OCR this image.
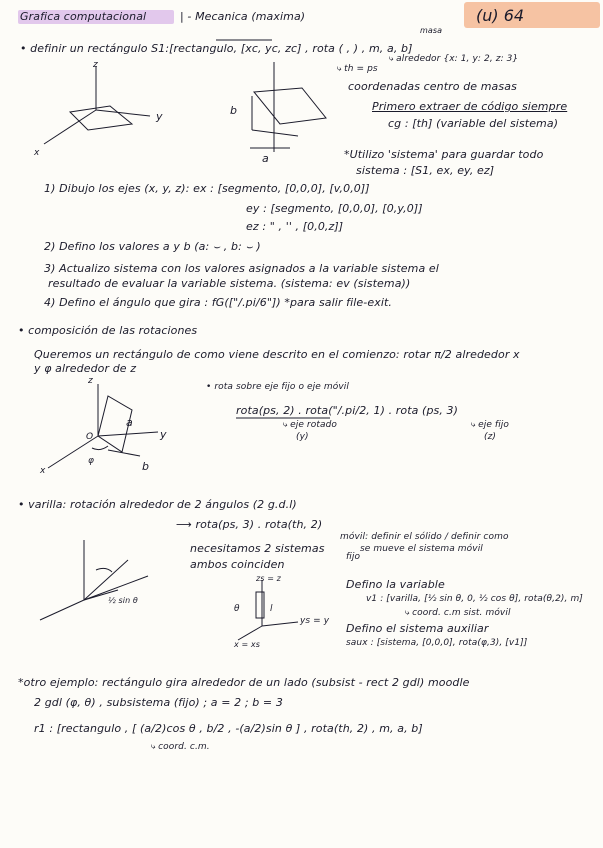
Grafica computacional	| - Mecanica (maxima)	(u) 64
• definir un rectángulo S1:[rectangulo, [xc, yc, zc] , rota ( , ) , m, a, b]
masa
⤷ alrededor {x: 1, y: 2, z: 3}
⤷ th = ps
coordenadas centro de masas
Primero extraer de código siempre
cg : [th] (variable del sistema)
*Utilizo 'sistema' para guardar todo
sistema : [S1, ex, ey, ez]
z
y
x	a
b
1) Dibujo los ejes (x, y, z): ex : [segmento, [0,0,0], [v,0,0]]
ey : [segmento, [0,0,0], [0,y,0]]
ez : " , '' , [0,0,z]]
2) Defino los valores a y b (a: ⌣ , b: ⌣ )
3) Actualizo sistema con los valores asignados a la variable sistema el
resultado de evaluar la variable sistema. (sistema: ev (sistema))
4) Defino el ángulo que gira : fG(["/.pi/6"]) *para salir file-exit.
• composición de las rotaciones
Queremos un rectángulo de como viene descrito en el comienzo: rotar π/2 alrededor x
y φ alrededor de z
• rota sobre eje fijo o eje móvil
rota(ps, 2) . rota("/.pi/2, 1) . rota (ps, 3)
⤷ eje rotado
(y)
⤷ eje fijo
(z)
z
y
x
a
b
O
φ
• varilla: rotación alrededor de 2 ángulos (2 g.d.l)
⟶ rota(ps, 3) . rota(th, 2)
necesitamos 2 sistemas
ambos coinciden
fijo
móvil: definir el sólido / definir como
se mueve el sistema móvil
Defino la variable
v1 : [varilla, [½ sin θ, 0, ½ cos θ], rota(θ,2), m]
⤷ coord. c.m sist. móvil
Defino el sistema auxiliar
saux : [sistema, [0,0,0], rota(φ,3), [v1]]
zs = z
ys = y
x = xs
θ	l
½ sin θ
*otro ejemplo: rectángulo gira alrededor de un lado (subsist - rect 2 gdl) moodle
2 gdl (φ, θ) , subsistema (fijo) ; a = 2 ; b = 3
r1 : [rectangulo , [ (a/2)cos θ , b/2 , -(a/2)sin θ ] , rota(th, 2) , m, a, b]
⤷ coord. c.m.
